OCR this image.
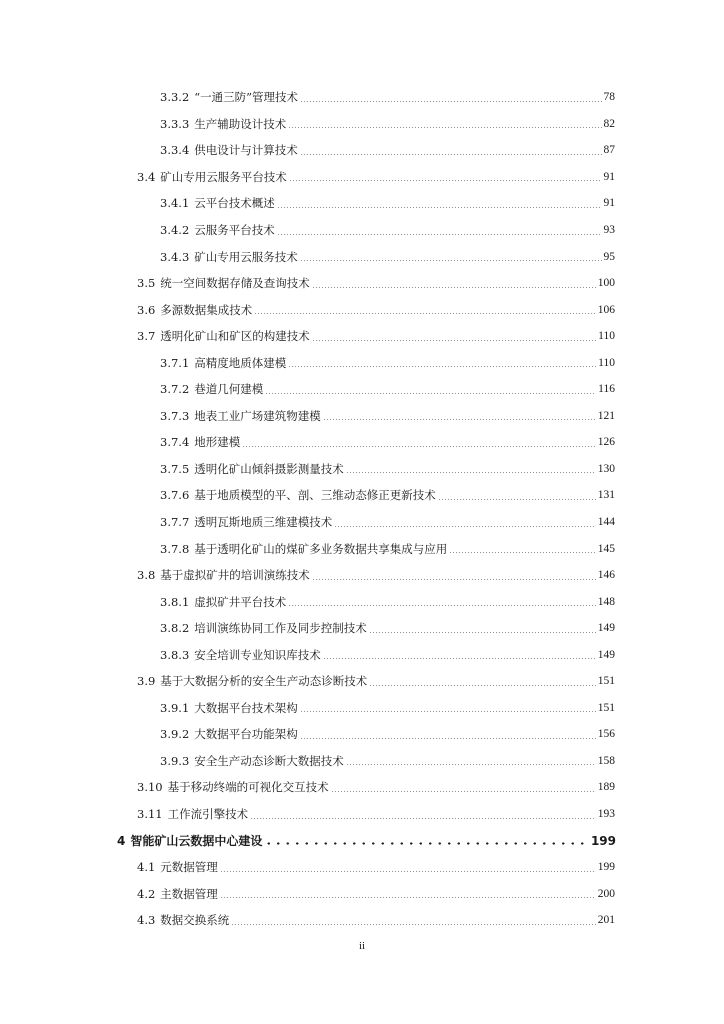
3.3.2 “一通三防”管理技术	78
3.3.3 生产辅助设计技术	82
3.3.4 供电设计与计算技术	87
3.4 矿山专用云服务平台技术	91
3.4.1 云平台技术概述	91
3.4.2 云服务平台技术	93
3.4.3 矿山专用云服务技术	95
3.5 统一空间数据存储及查询技术	100
3.6 多源数据集成技术	106
3.7 透明化矿山和矿区的构建技术	110
3.7.1 高精度地质体建模	110
3.7.2 巷道几何建模	116
3.7.3 地表工业广场建筑物建模	121
3.7.4 地形建模	126
3.7.5 透明化矿山倾斜摄影测量技术	130
3.7.6 基于地质模型的平、剖、三维动态修正更新技术	131
3.7.7 透明瓦斯地质三维建模技术	144
3.7.8 基于透明化矿山的煤矿多业务数据共享集成与应用	145
3.8 基于虚拟矿井的培训演练技术	146
3.8.1 虚拟矿井平台技术	148
3.8.2 培训演练协同工作及同步控制技术	149
3.8.3 安全培训专业知识库技术	149
3.9 基于大数据分析的安全生产动态诊断技术	151
3.9.1 大数据平台技术架构	151
3.9.2 大数据平台功能架构	156
3.9.3 安全生产动态诊断大数据技术	158
3.10 基于移动终端的可视化交互技术	189
3.11 工作流引擎技术	193
4 智能矿山云数据中心建设	199
4.1 元数据管理	199
4.2 主数据管理	200
4.3 数据交换系统	201
ii
